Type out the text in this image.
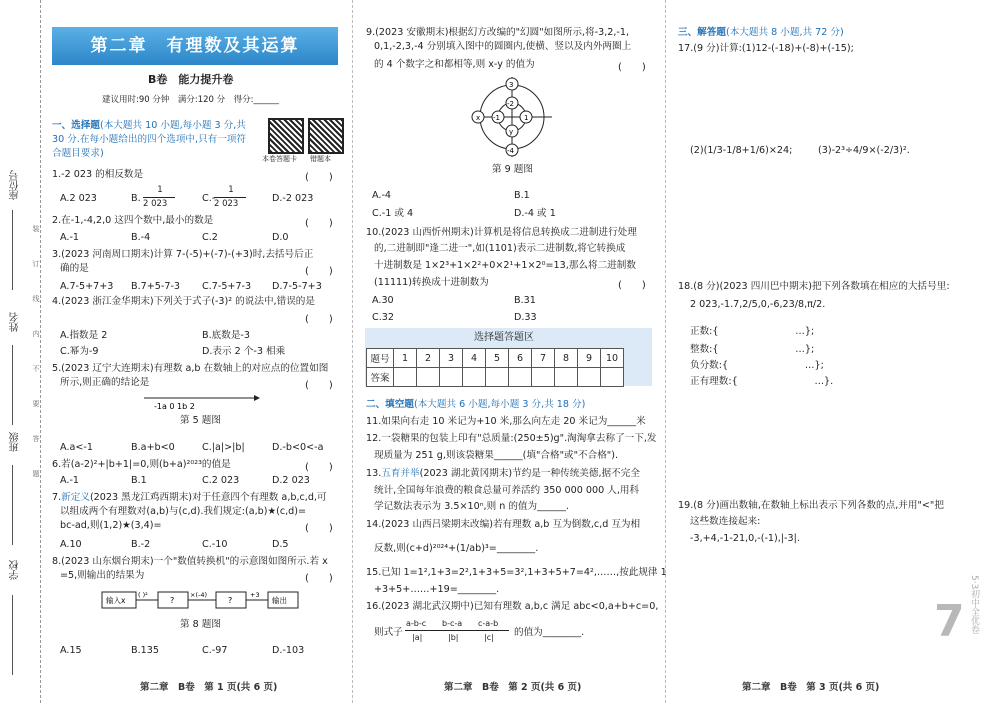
座位号
姓名
班级
学校
装
订
线
内
不
要
答
题
第二章　有理数及其运算
B卷　能力提升卷
建议用时:90 分钟　满分:120 分　得分:______
一、选择题(本大题共 10 小题,每小题 3 分,共
本卷答题卡 错题本
30 分.在每小题给出的四个选项中,只有一项符
合题目要求)
1.-2 023 的相反数是	(　　)
A.2 023	B.
1
2 023	C.-
1
2 023	D.-2 023
2.在-1,-4,2,0 这四个数中,最小的数是	(　　)
A.-1	B.-4	C.2	D.0
3.(2023 河南周口期末)计算 7-(-5)+(-7)-(+3)时,去括号后正
确的是	(　　)
A.7-5+7+3 B.7+5-7-3 C.7-5+7-3 D.7-5-7+3
4.(2023 浙江金华期末)下列关于式子(-3)² 的说法中,错误的是
(　　)
A.指数是 2	B.底数是-3
C.幂为-9	D.表示 2 个-3 相乘
5.(2023 辽宁大连期末)有理数 a,b 在数轴上的对应点的位置如图
所示,则正确的结论是	(　　)
-1a 0 1b 2
第 5 题图
A.a<-1	B.a+b<0	C.|a|>|b|	D.-b<0<-a
6.若(a-2)²+|b+1|=0,则(b+a)²⁰²³的值是	(　　)
A.-1	B.1	C.2 023	D.2 023
7.新定义(2023 黑龙江鸡西期末)对于任意四个有理数 a,b,c,d,可
以组成两个有理数对(a,b)与(c,d).我们规定:(a,b)★(c,d)=
bc-ad,则(1,2)★(3,4)=	(　　)
A.10	B.-2	C.-10	D.5
8.(2023 山东烟台期末)一个"数值转换机"的示意图如图所示.若 x
=5,则输出的结果为	(　　)
输入x
( )²
?
×(-4)
?
+3
输出
第 8 题图
A.15	B.135	C.-97	D.-103
第二章　B卷　第 1 页(共 6 页)
9.(2023 安徽期末)根据幻方改编的"幻圆"如图所示,将-3,2,-1,
0,1,-2,3,-4 分别填入图中的圆圈内,使横、竖以及内外两圈上
的 4 个数字之和都相等,则 x-y 的值为	(　　)
3
-2
x -1	1
y
-4
第 9 题图
A.-4	B.1
C.-1 或 4	D.-4 或 1
10.(2023 山西忻州期末)计算机是将信息转换成二进制进行处理
的,二进制即"逢二进一",如(1101)表示二进制数,将它转换成
十进制数是 1×2³+1×2²+0×2¹+1×2⁰=13,那么将二进制数
(11111)转换成十进制数为	(　　)
A.30	B.31
C.32	D.33
选择题答题区
题号	1	2	3	4	5	6	7	8	9	10
答案										
二、填空题(本大题共 6 小题,每小题 3 分,共 18 分)
11.如果向右走 10 米记为+10 米,那么向左走 20 米记为______米
12.一袋糖果的包装上印有"总质量:(250±5)g".淘淘拿去称了一下,发
现质量为 251 g,则该袋糖果______(填"合格"或"不合格").
13.五育并举(2023 湖北黄冈期末)节约是一种传统美德,据不完全
统计,全国每年浪费的粮食总量可养活约 350 000 000 人,用科
学记数法表示为 3.5×10ⁿ,则 n 的值为______.
14.(2023 山西吕梁期末改编)若有理数 a,b 互为倒数,c,d 互为相
反数,则(c+d)²⁰²⁴+(1/ab)³=________.
15.已知 1=1²,1+3=2²,1+3+5=3²,1+3+5+7=4²,……,按此规律 1
+3+5+……+19=________.
16.(2023 湖北武汉期中)已知有理数 a,b,c 满足 abc<0,a+b+c=0,
则式子
a-b-c
|a|
b-c-a
|b|
c-a-b
|c| 的值为________.
第二章　B卷　第 2 页(共 6 页)
三、解答题(本大题共 8 小题,共 72 分)
17.(9 分)计算:(1)12-(-18)+(-8)+(-15);
(2)(1/3-1/8+1/6)×24;	(3)-2³÷4/9×(-2/3)².
18.(8 分)(2023 四川巴中期末)把下列各数填在相应的大括号里:
2 023,-1.7,2/5,0,-6,23/8,π/2.
正数:{　　　　　　　　…};
整数:{　　　　　　　　…};
负分数:{　　　　　　　　…};
正有理数:{　　　　　　　　…}.
19.(8 分)画出数轴,在数轴上标出表示下列各数的点,并用"<"把
这些数连接起来:
-3,+4,-1-21,0,-(-1),|-3|.
7 5·3初中全优卷
第二章　B卷　第 3 页(共 6 页)
